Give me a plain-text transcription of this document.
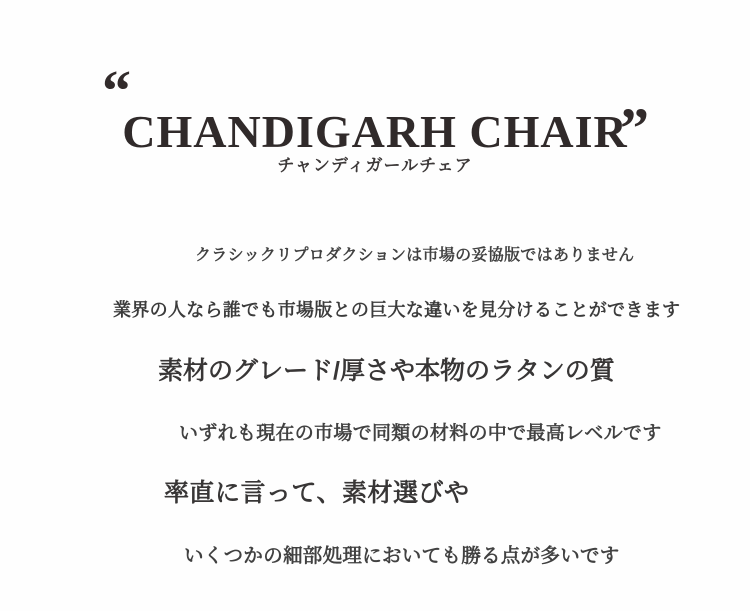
“
CHANDIGARH CHAIR
”
チャンディガールチェア
クラシックリプロダクションは市場の妥協版ではありません
業界の人なら誰でも市場版との巨大な違いを見分けることができます
素材のグレード/厚さや本物のラタンの質
いずれも現在の市場で同類の材料の中で最高レベルです
率直に言って、素材選びや
いくつかの細部処理においても勝る点が多いです
